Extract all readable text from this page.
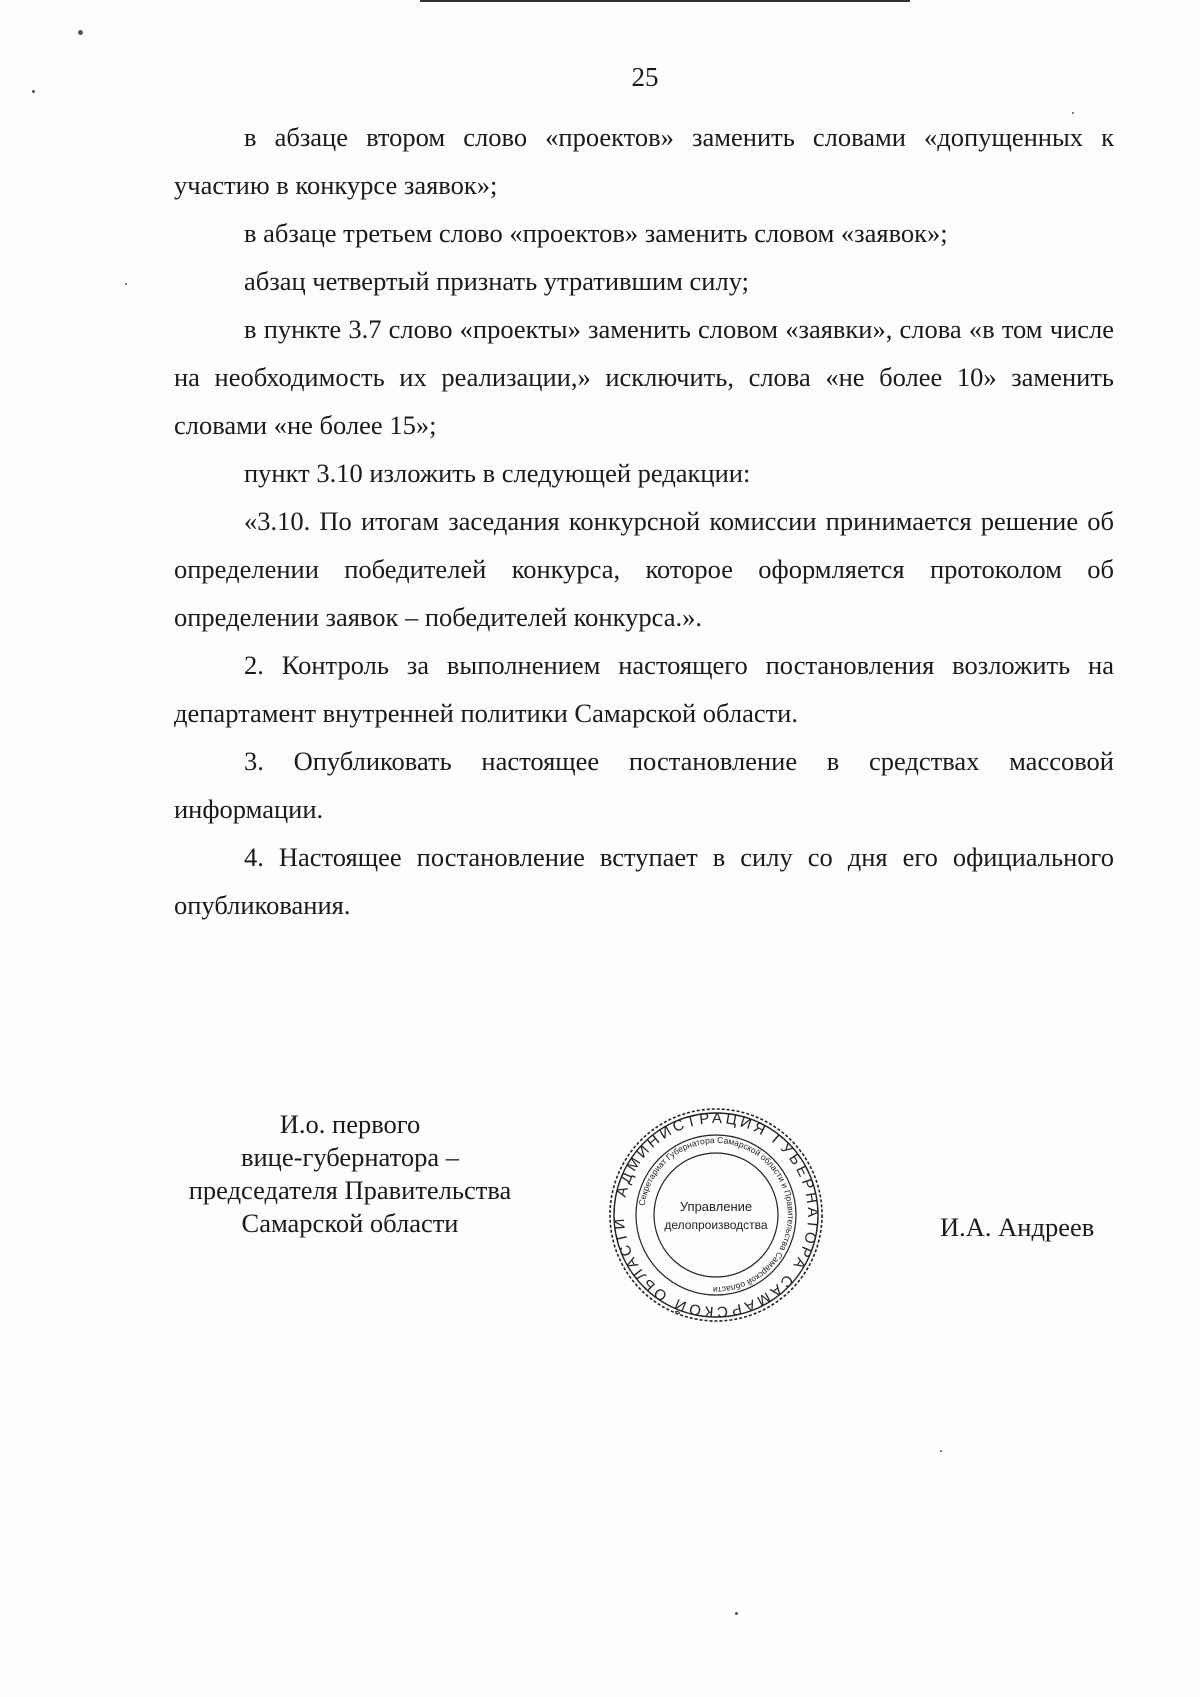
25

в абзаце втором слово «проектов» заменить словами «допущенных к участию в конкурсе заявок»;

в абзаце третьем слово «проектов» заменить словом «заявок»;

абзац четвертый признать утратившим силу;

в пункте 3.7 слово «проекты» заменить словом «заявки», слова «в том числе на необходимость их реализации,» исключить, слова «не более 10» заменить словами «не более 15»;

пункт 3.10 изложить в следующей редакции:

«3.10. По итогам заседания конкурсной комиссии принимается решение об определении победителей конкурса, которое оформляется протоколом об определении заявок – победителей конкурса.».

2. Контроль за выполнением настоящего постановления возложить на департамент внутренней политики Самарской области.

3. Опубликовать настоящее постановление в средствах массовой информации.

4. Настоящее постановление вступает в силу со дня его официального опубликования.

И.о. первого
вице-губернатора –
председателя Правительства
Самарской области
АДМИНИСТРАЦИЯ ГУБЕРНАТОРА САМАРСКОЙ ОБЛАСТИ
Секретариат Губернатора Самарской области и Правительства Самарской области
Управление
делопроизводства	И.А. Андреев
